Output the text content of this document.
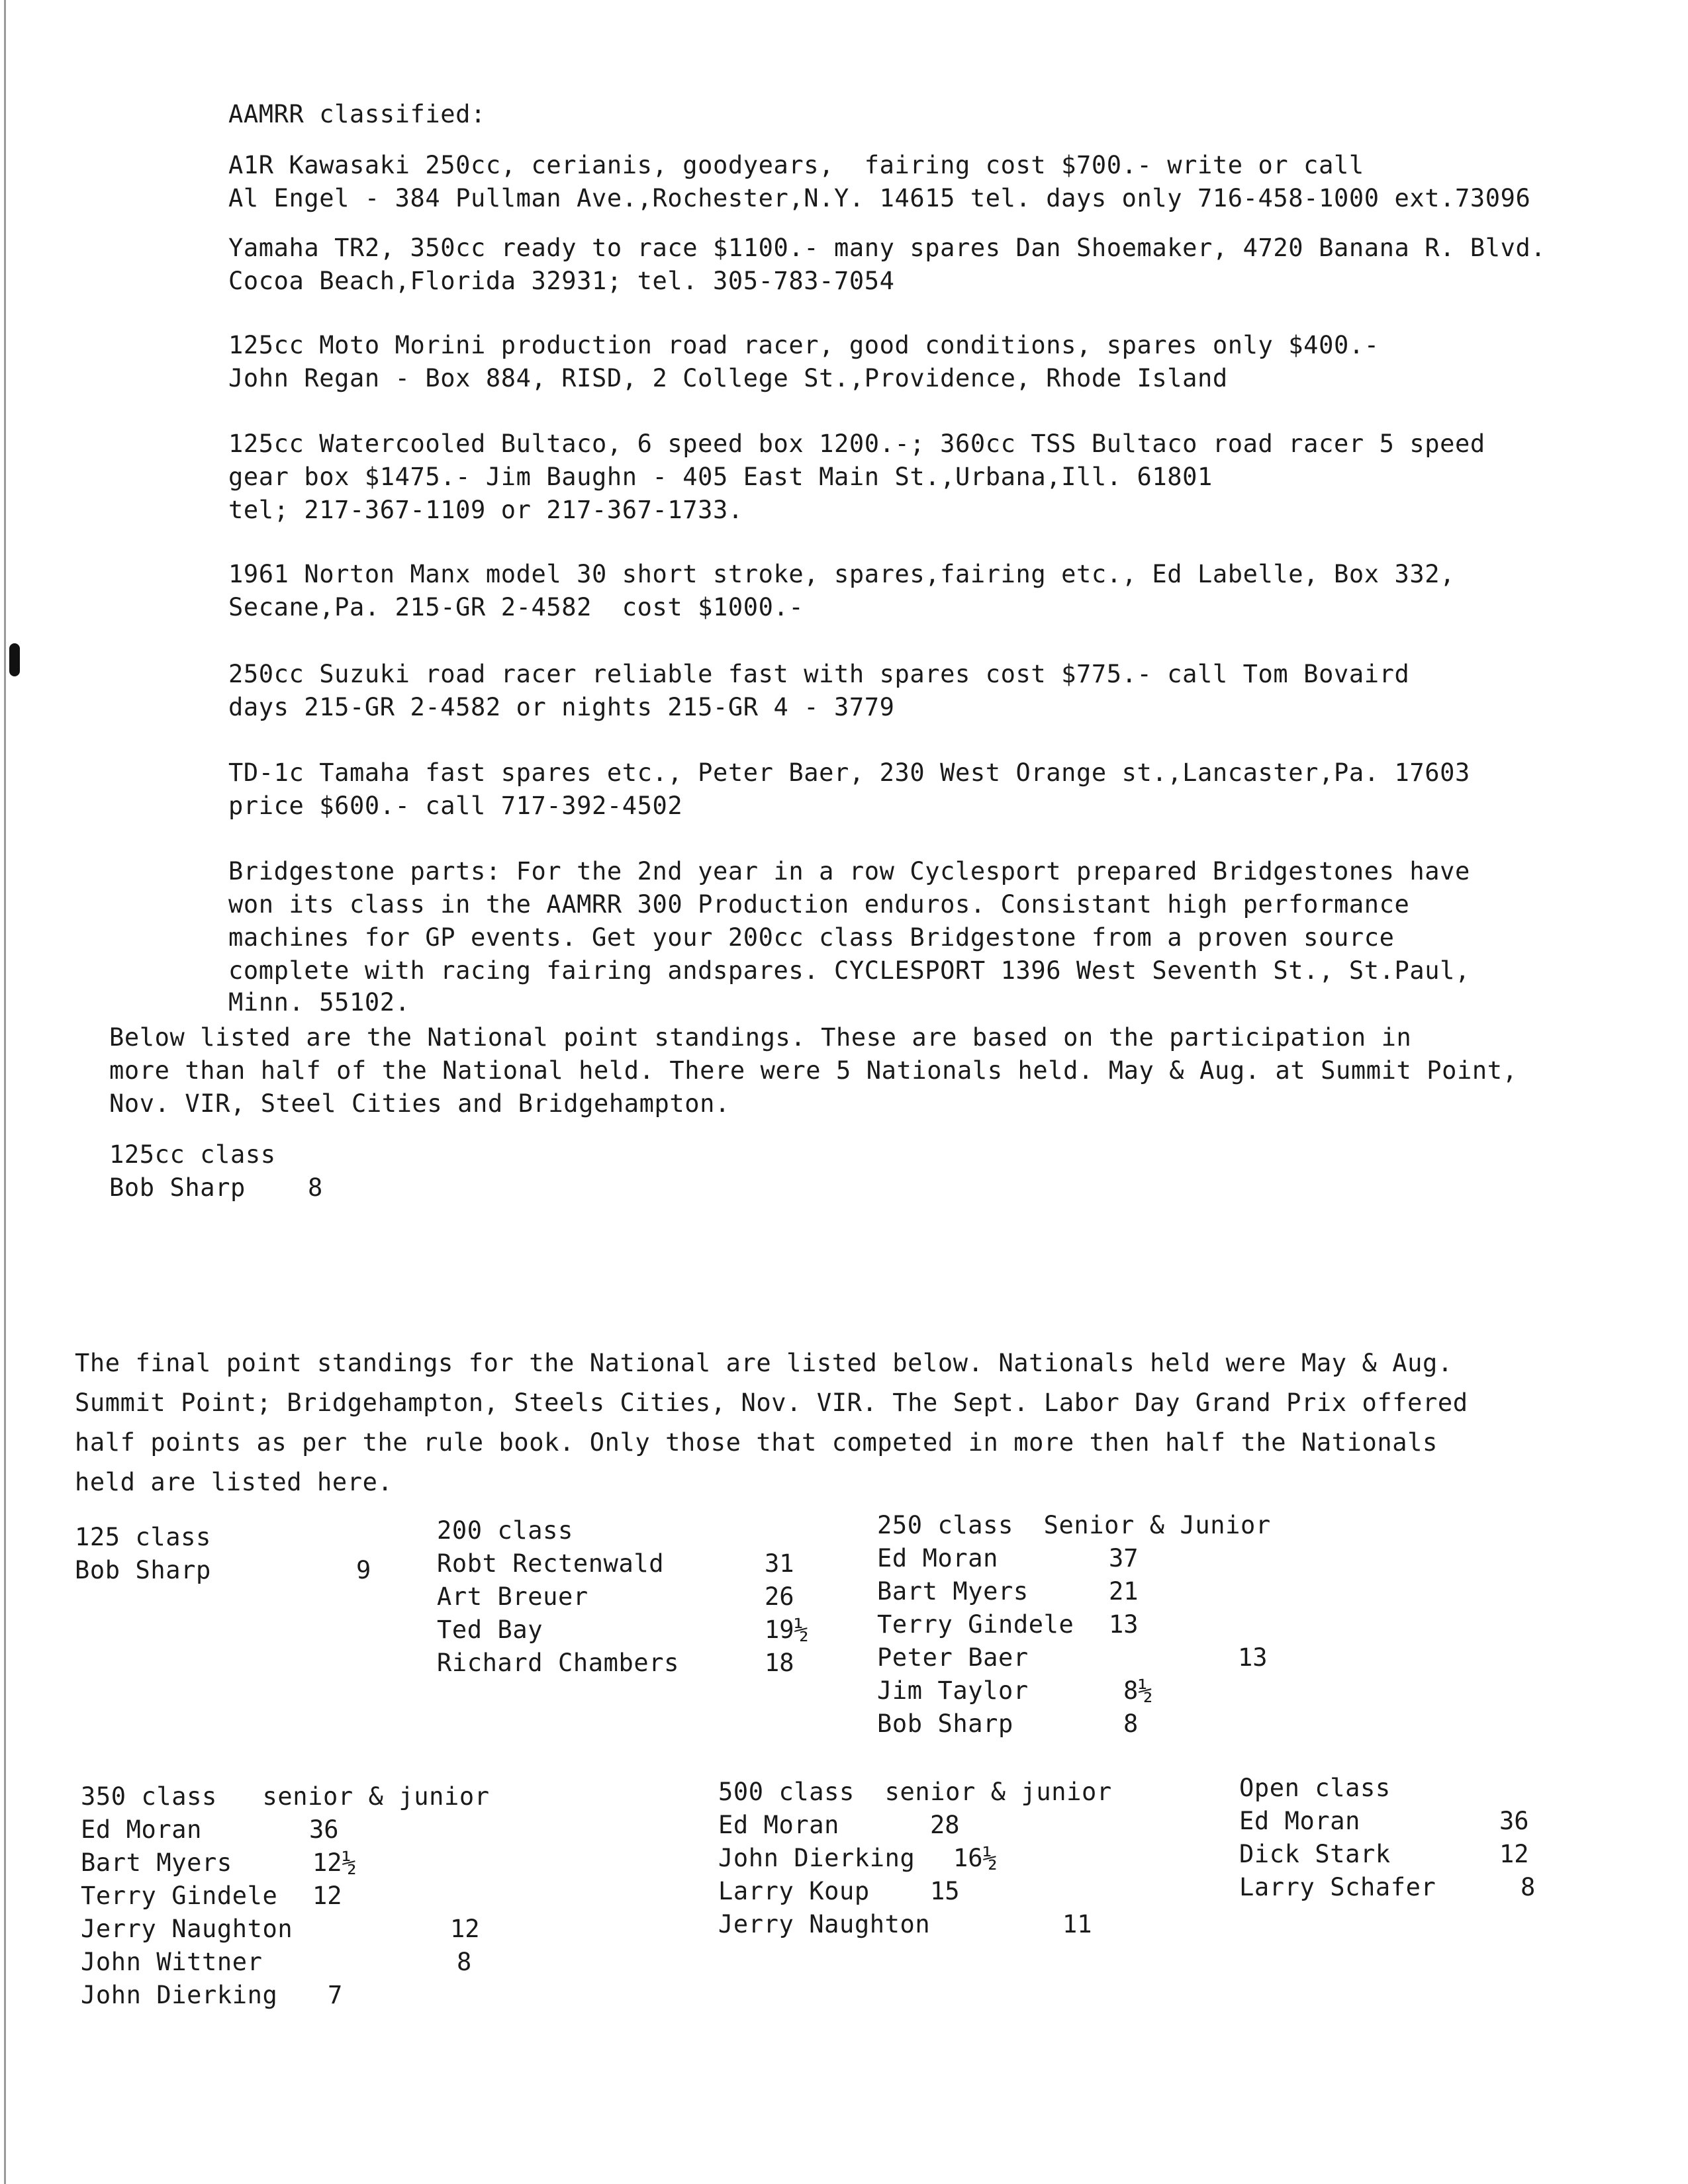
AAMRR classified:
A1R Kawasaki 250cc, cerianis, goodyears,  fairing cost $700.- write or call
Al Engel - 384 Pullman Ave.,Rochester,N.Y. 14615 tel. days only 716-458-1000 ext.73096
Yamaha TR2, 350cc ready to race $1100.- many spares Dan Shoemaker, 4720 Banana R. Blvd.
Cocoa Beach,Florida 32931; tel. 305-783-7054
125cc Moto Morini production road racer, good conditions, spares only $400.-
John Regan - Box 884, RISD, 2 College St.,Providence, Rhode Island
125cc Watercooled Bultaco, 6 speed box 1200.-; 360cc TSS Bultaco road racer 5 speed
gear box $1475.- Jim Baughn - 405 East Main St.,Urbana,Ill. 61801
tel; 217-367-1109 or 217-367-1733.
1961 Norton Manx model 30 short stroke, spares,fairing etc., Ed Labelle, Box 332,
Secane,Pa. 215-GR 2-4582  cost $1000.-
250cc Suzuki road racer reliable fast with spares cost $775.- call Tom Bovaird
days 215-GR 2-4582 or nights 215-GR 4 - 3779
TD-1c Tamaha fast spares etc., Peter Baer, 230 West Orange st.,Lancaster,Pa. 17603
price $600.- call 717-392-4502
Bridgestone parts: For the 2nd year in a row Cyclesport prepared Bridgestones have
won its class in the AAMRR 300 Production enduros. Consistant high performance
machines for GP events. Get your 200cc class Bridgestone from a proven source
complete with racing fairing andspares. CYCLESPORT 1396 West Seventh St., St.Paul,
Minn. 55102.
Below listed are the National point standings. These are based on the participation in
more than half of the National held. There were 5 Nationals held. May & Aug. at Summit Point,
Nov. VIR, Steel Cities and Bridgehampton.
125cc class
Bob Sharp	8
The final point standings for the National are listed below. Nationals held were May & Aug.
Summit Point; Bridgehampton, Steels Cities, Nov. VIR. The Sept. Labor Day Grand Prix offered
half points as per the rule book. Only those that competed in more then half the Nationals
held are listed here.
125 class
Bob Sharp	9
200 class
Robt Rectenwald	31
Art Breuer	26
Ted Bay	19½
Richard Chambers	18
250 class  Senior & Junior
Ed Moran	37
Bart Myers	21
Terry Gindele 13
Peter Baer	13
Jim Taylor	8½
Bob Sharp	8
350 class   senior & junior
Ed Moran	36
Bart Myers	12½
Terry Gindele 12
Jerry Naughton	12
John Wittner	8
John Dierking 7
500 class  senior & junior
Ed Moran	28
John Dierking 16½
Larry Koup 15
Jerry Naughton	11
Open class
Ed Moran	36
Dick Stark	12
Larry Schafer	8
